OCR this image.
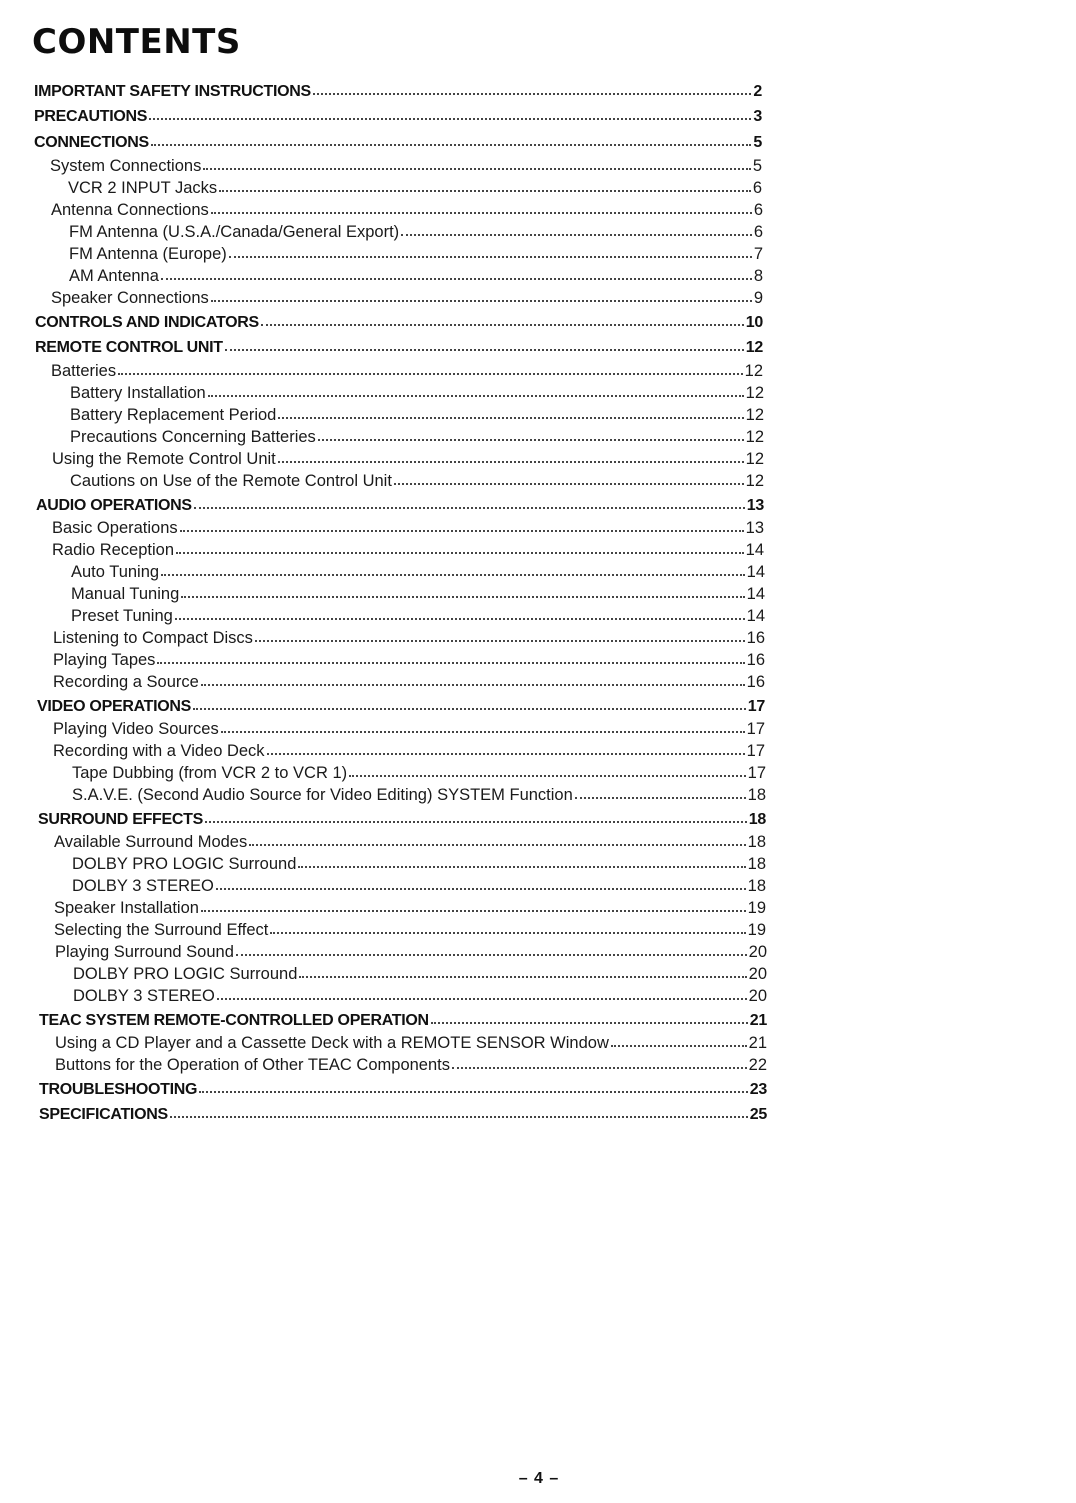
CONTENTS
IMPORTANT SAFETY INSTRUCTIONS	2
PRECAUTIONS	3
CONNECTIONS	5
System Connections	5
VCR 2 INPUT Jacks	6
Antenna Connections	6
FM Antenna (U.S.A./Canada/General Export)	6
FM Antenna (Europe)	7
AM Antenna	8
Speaker Connections	9
CONTROLS AND INDICATORS	10
REMOTE CONTROL UNIT	12
Batteries	12
Battery Installation	12
Battery Replacement Period	12
Precautions Concerning Batteries	12
Using the Remote Control Unit	12
Cautions on Use of the Remote Control Unit	12
AUDIO OPERATIONS	13
Basic Operations	13
Radio Reception	14
Auto Tuning	14
Manual Tuning	14
Preset Tuning	14
Listening to Compact Discs	16
Playing Tapes	16
Recording a Source	16
VIDEO OPERATIONS	17
Playing Video Sources	17
Recording with a Video Deck	17
Tape Dubbing (from VCR 2 to VCR 1)	17
S.A.V.E. (Second Audio Source for Video Editing) SYSTEM Function	18
SURROUND EFFECTS	18
Available Surround Modes	18
DOLBY PRO LOGIC Surround	18
DOLBY 3 STEREO	18
Speaker Installation	19
Selecting the Surround Effect	19
Playing Surround Sound	20
DOLBY PRO LOGIC Surround	20
DOLBY 3 STEREO	20
TEAC SYSTEM REMOTE-CONTROLLED OPERATION	21
Using a CD Player and a Cassette Deck with a REMOTE SENSOR Window	21
Buttons for the Operation of Other TEAC Components	22
TROUBLESHOOTING	23
SPECIFICATIONS	25
– 4 –
